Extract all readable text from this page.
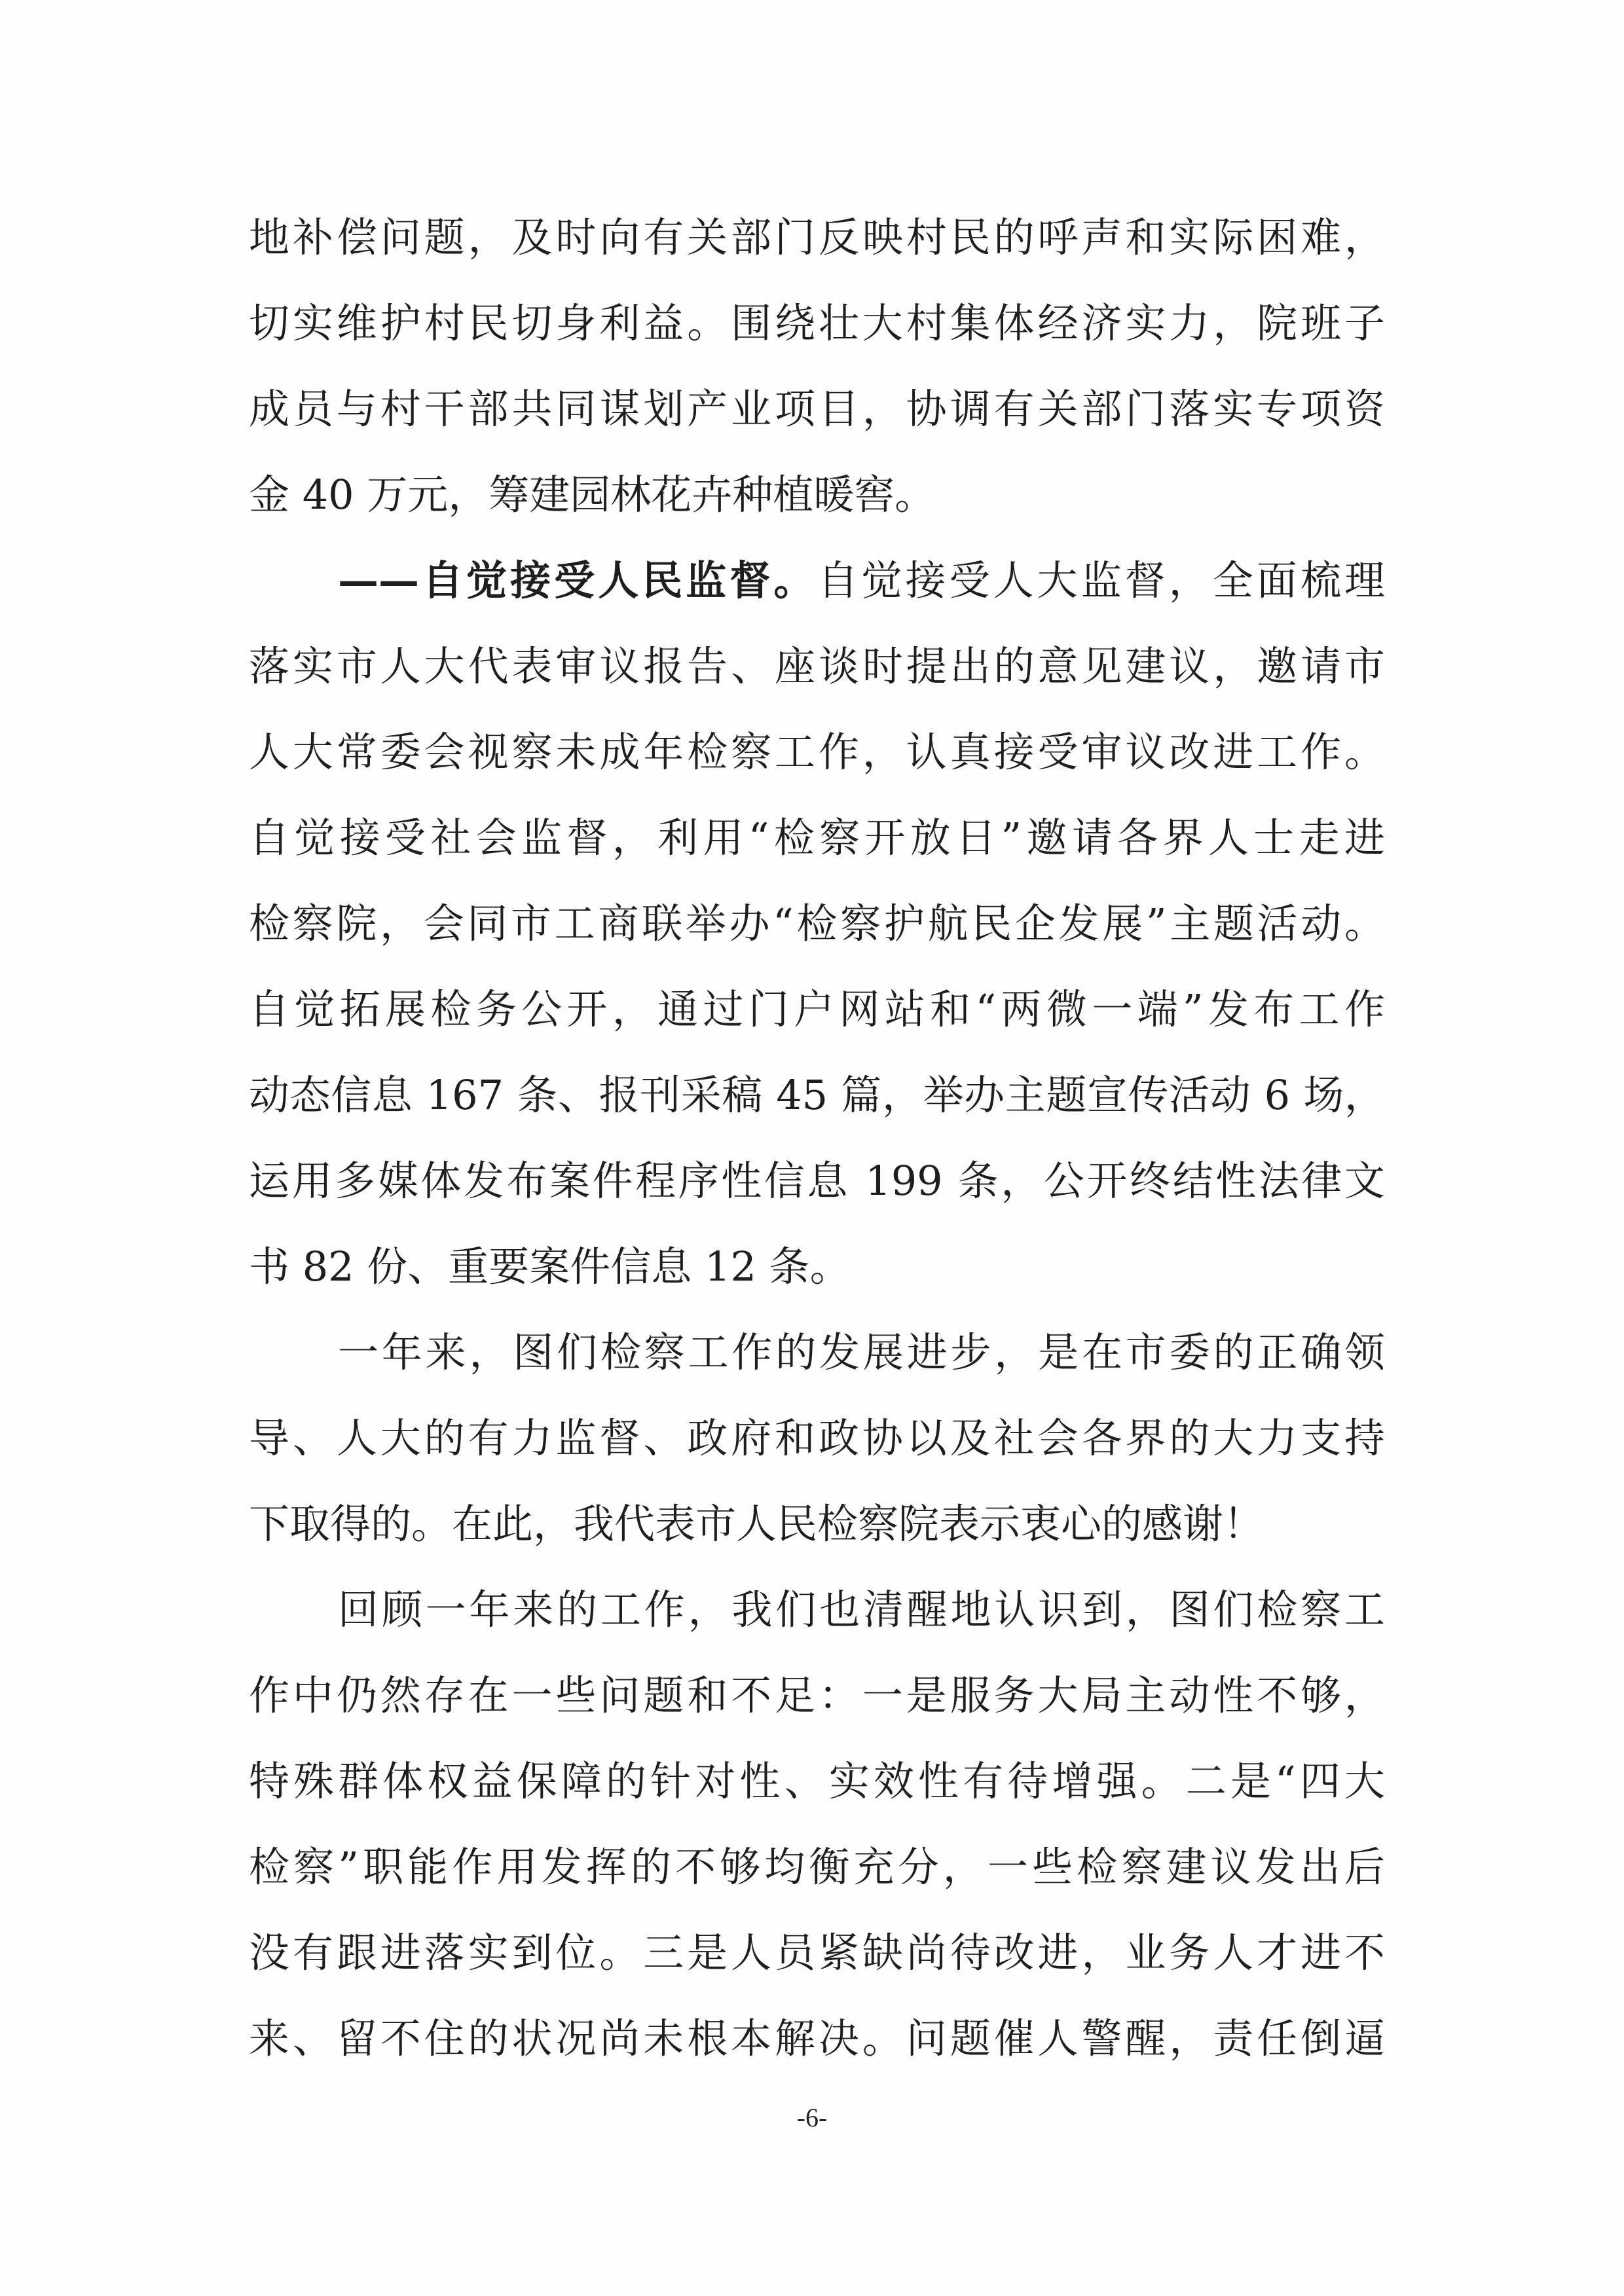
地补偿问题，及时向有关部门反映村民的呼声和实际困难，
切实维护村民切身利益。围绕壮大村集体经济实力，院班子
成员与村干部共同谋划产业项目，协调有关部门落实专项资
金 40 万元，筹建园林花卉种植暖窖。
——自觉接受人民监督。自觉接受人大监督，全面梳理
落实市人大代表审议报告、座谈时提出的意见建议，邀请市
人大常委会视察未成年检察工作，认真接受审议改进工作。
自觉接受社会监督，利用“检察开放日”邀请各界人士走进
检察院，会同市工商联举办“检察护航民企发展”主题活动。
自觉拓展检务公开，通过门户网站和“两微一端”发布工作
动态信息 167 条、报刊采稿 45 篇，举办主题宣传活动 6 场，
运用多媒体发布案件程序性信息 199 条，公开终结性法律文
书 82 份、重要案件信息 12 条。
一年来，图们检察工作的发展进步，是在市委的正确领
导、人大的有力监督、政府和政协以及社会各界的大力支持
下取得的。在此，我代表市人民检察院表示衷心的感谢！
回顾一年来的工作，我们也清醒地认识到，图们检察工
作中仍然存在一些问题和不足：一是服务大局主动性不够，
特殊群体权益保障的针对性、实效性有待增强。二是“四大
检察”职能作用发挥的不够均衡充分，一些检察建议发出后
没有跟进落实到位。三是人员紧缺尚待改进，业务人才进不
来、留不住的状况尚未根本解决。问题催人警醒，责任倒逼
-6-
